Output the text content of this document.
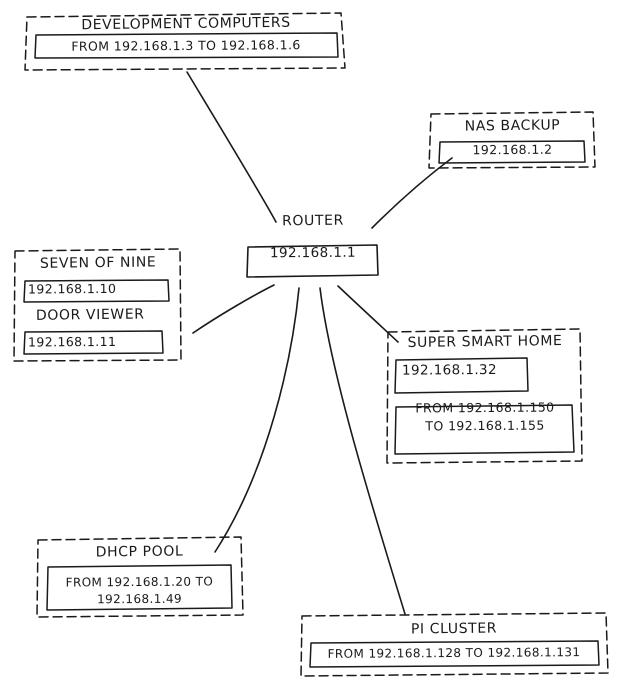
DEVELOPMENT COMPUTERS
FROM 192.168.1.3 TO 192.168.1.6
NAS BACKUP
192.168.1.2
ROUTER
192.168.1.1
SEVEN OF NINE
192.168.1.10
DOOR VIEWER
192.168.1.11	SUPER SMART HOME
192.168.1.32
FROM 192.168.1.150
TO 192.168.1.155
DHCP POOL
FROM 192.168.1.20 TO
192.168.1.49
PI CLUSTER
FROM 192.168.1.128 TO 192.168.1.131
